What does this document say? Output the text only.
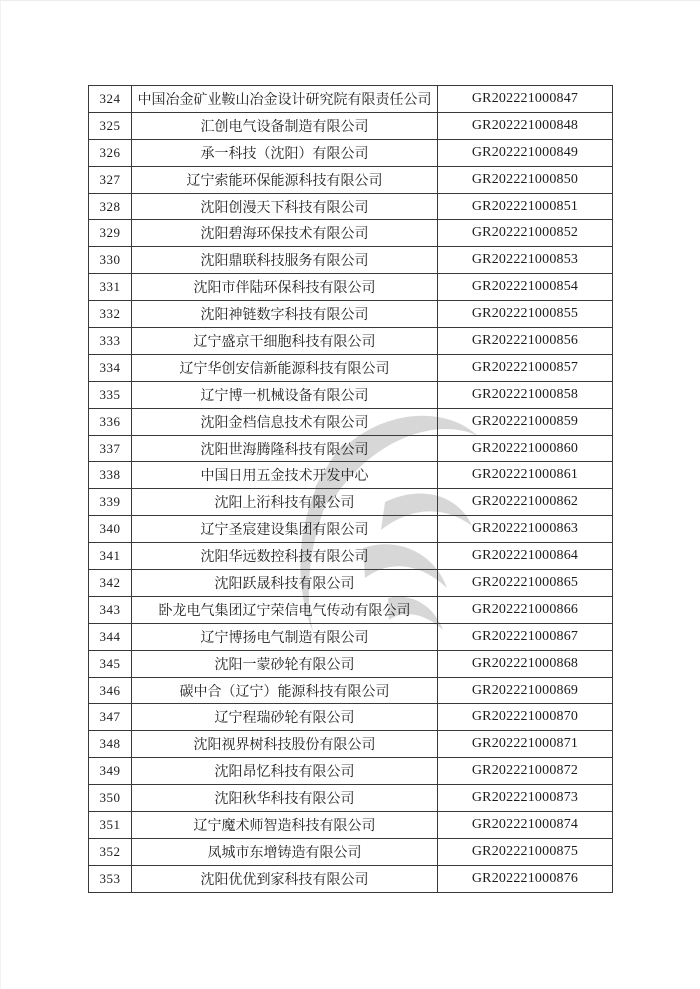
324	中国冶金矿业鞍山冶金设计研究院有限责任公司	GR202221000847
325	汇创电气设备制造有限公司	GR202221000848
326	承一科技（沈阳）有限公司	GR202221000849
327	辽宁索能环保能源科技有限公司	GR202221000850
328	沈阳创漫天下科技有限公司	GR202221000851
329	沈阳碧海环保技术有限公司	GR202221000852
330	沈阳鼎联科技服务有限公司	GR202221000853
331	沈阳市伴陆环保科技有限公司	GR202221000854
332	沈阳神链数字科技有限公司	GR202221000855
333	辽宁盛京干细胞科技有限公司	GR202221000856
334	辽宁华创安信新能源科技有限公司	GR202221000857
335	辽宁博一机械设备有限公司	GR202221000858
336	沈阳金档信息技术有限公司	GR202221000859
337	沈阳世海腾隆科技有限公司	GR202221000860
338	中国日用五金技术开发中心	GR202221000861
339	沈阳上洐科技有限公司	GR202221000862
340	辽宁圣宸建设集团有限公司	GR202221000863
341	沈阳华远数控科技有限公司	GR202221000864
342	沈阳跃晟科技有限公司	GR202221000865
343	卧龙电气集团辽宁荣信电气传动有限公司	GR202221000866
344	辽宁博扬电气制造有限公司	GR202221000867
345	沈阳一蒙砂轮有限公司	GR202221000868
346	碳中合（辽宁）能源科技有限公司	GR202221000869
347	辽宁程瑞砂轮有限公司	GR202221000870
348	沈阳视界树科技股份有限公司	GR202221000871
349	沈阳昂忆科技有限公司	GR202221000872
350	沈阳秋华科技有限公司	GR202221000873
351	辽宁魔术师智造科技有限公司	GR202221000874
352	凤城市东增铸造有限公司	GR202221000875
353	沈阳优优到家科技有限公司	GR202221000876
